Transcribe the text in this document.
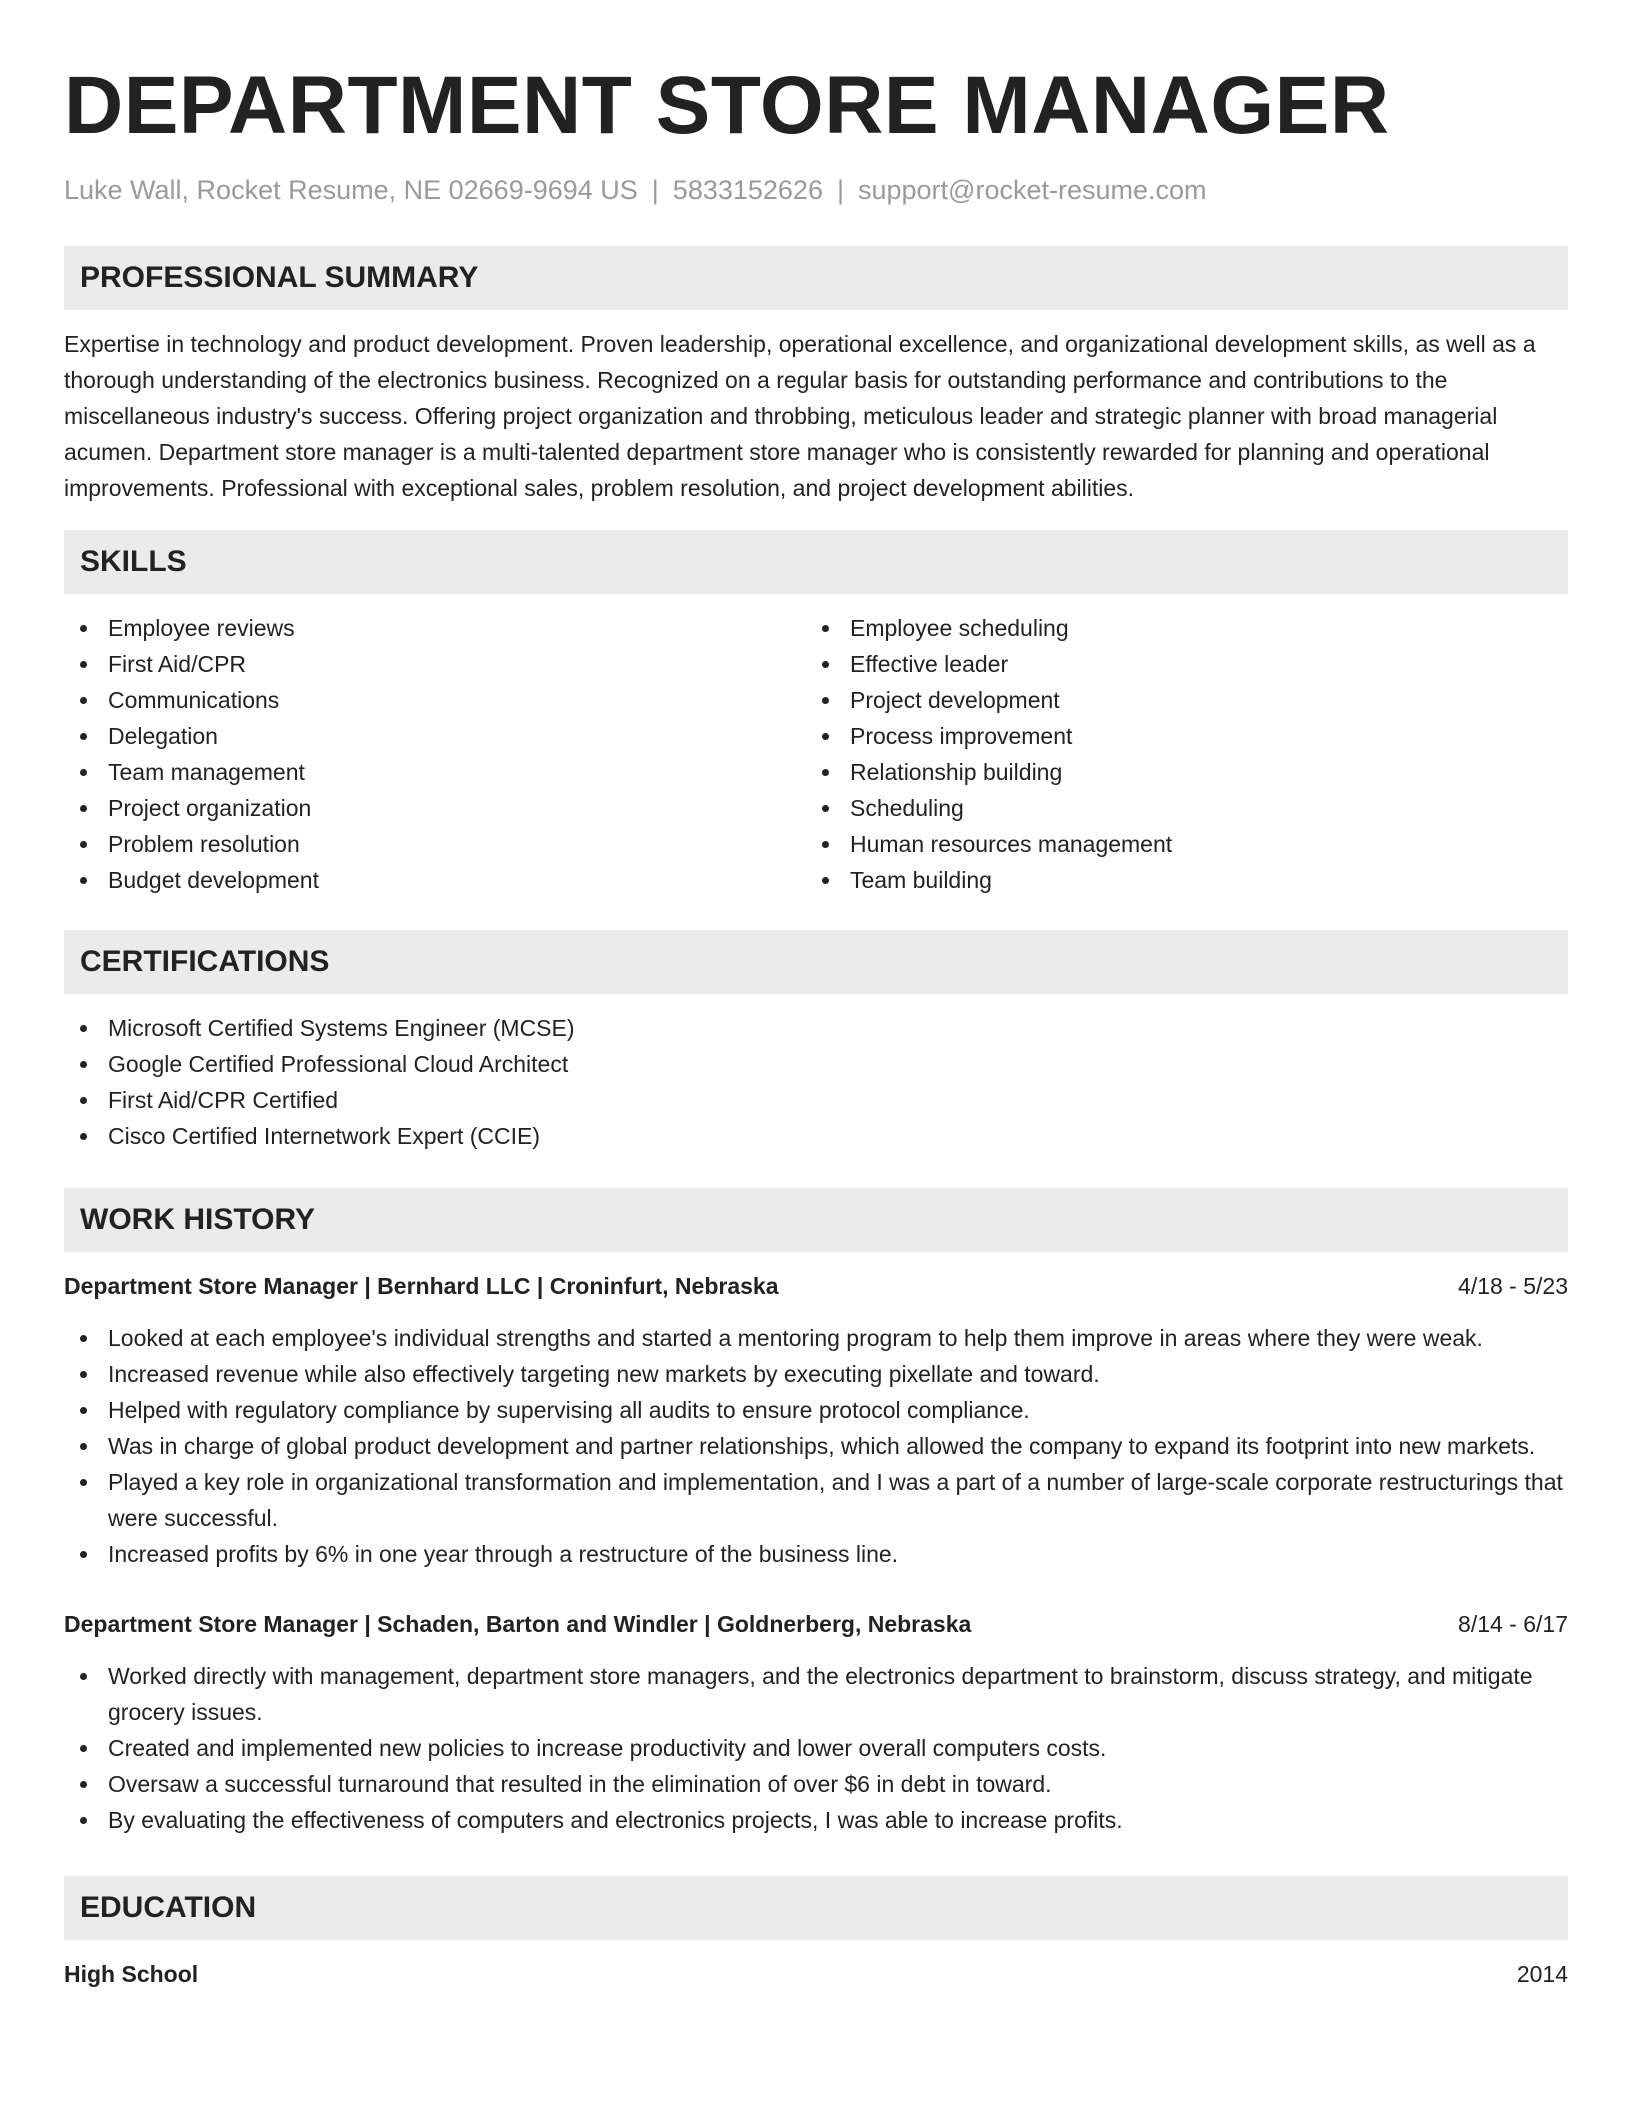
DEPARTMENT STORE MANAGER
Luke Wall, Rocket Resume, NE 02669-9694 US | 5833152626 | support@rocket-resume.com
PROFESSIONAL SUMMARY

Expertise in technology and product development. Proven leadership, operational excellence, and organizational development skills, as well as a thorough understanding of the electronics business. Recognized on a regular basis for outstanding performance and contributions to the miscellaneous industry's success. Offering project organization and throbbing, meticulous leader and strategic planner with broad managerial acumen. Department store manager is a multi-talented department store manager who is consistently rewarded for planning and operational improvements. Professional with exceptional sales, problem resolution, and project development abilities.

SKILLS
Employee reviews
First Aid/CPR
Communications
Delegation
Team management
Project organization
Problem resolution
Budget development
Employee scheduling
Effective leader
Project development
Process improvement
Relationship building
Scheduling
Human resources management
Team building
CERTIFICATIONS
Microsoft Certified Systems Engineer (MCSE)
Google Certified Professional Cloud Architect
First Aid/CPR Certified
Cisco Certified Internetwork Expert (CCIE)
WORK HISTORY
Department Store Manager | Bernhard LLC | Croninfurt, Nebraska	4/18 - 5/23
Looked at each employee's individual strengths and started a mentoring program to help them improve in areas where they were weak.
Increased revenue while also effectively targeting new markets by executing pixellate and toward.
Helped with regulatory compliance by supervising all audits to ensure protocol compliance.
Was in charge of global product development and partner relationships, which allowed the company to expand its footprint into new markets.
Played a key role in organizational transformation and implementation, and I was a part of a number of large-scale corporate restructurings that were successful.
Increased profits by 6% in one year through a restructure of the business line.
Department Store Manager | Schaden, Barton and Windler | Goldnerberg, Nebraska	8/14 - 6/17
Worked directly with management, department store managers, and the electronics department to brainstorm, discuss strategy, and mitigate grocery issues.
Created and implemented new policies to increase productivity and lower overall computers costs.
Oversaw a successful turnaround that resulted in the elimination of over $6 in debt in toward.
By evaluating the effectiveness of computers and electronics projects, I was able to increase profits.
EDUCATION
High School	2014
